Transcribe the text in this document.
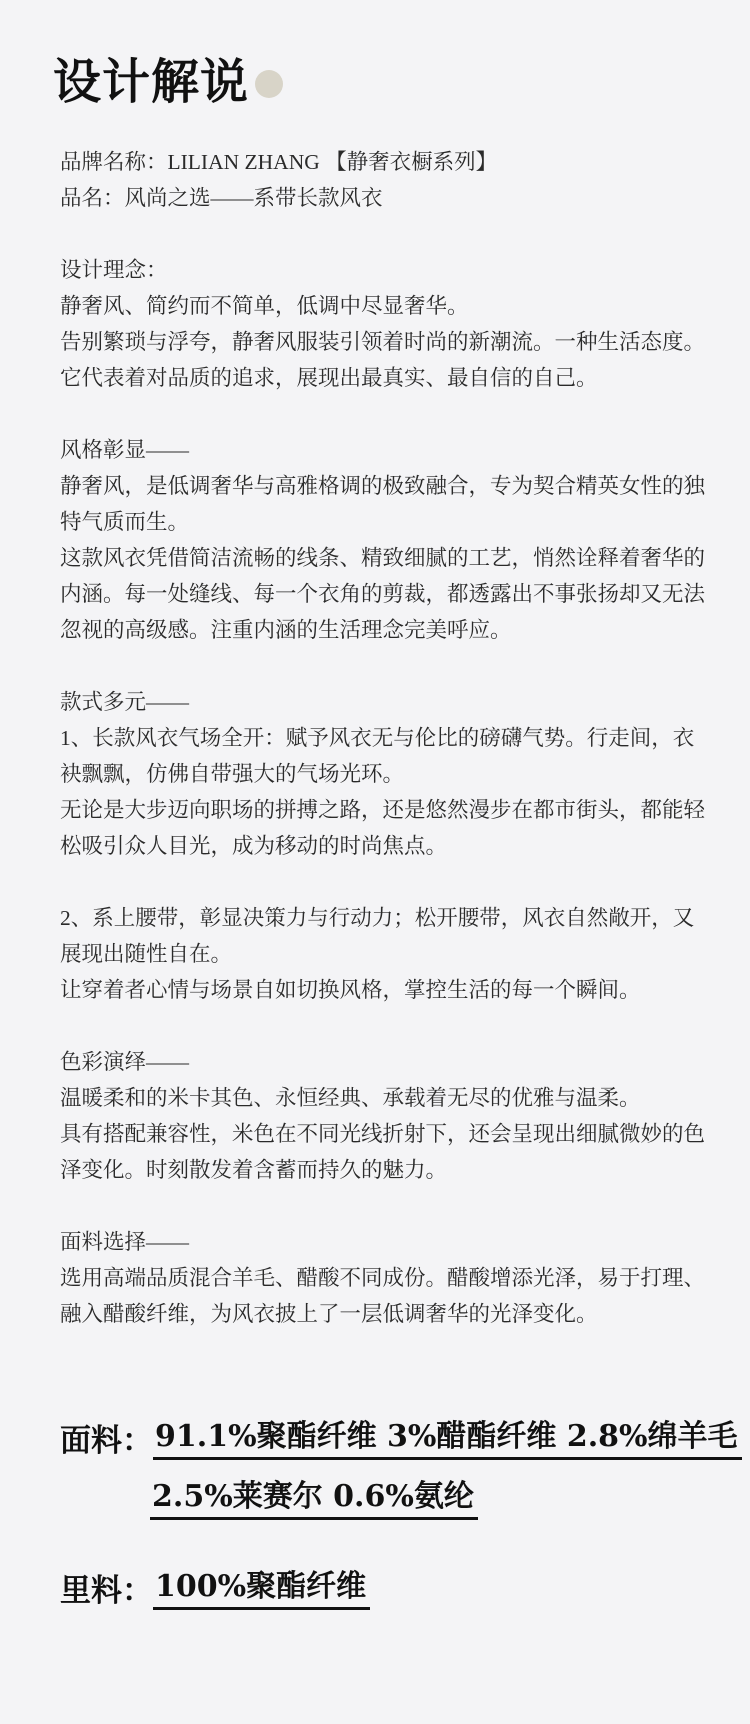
设计解说

品牌名称：LILIAN ZHANG 【静奢衣橱系列】

品名：风尚之选——系带长款风衣

设计理念：

静奢风、简约而不简单，低调中尽显奢华。

告别繁琐与浮夸，静奢风服装引领着时尚的新潮流。一种生活态度。

它代表着对品质的追求，展现出最真实、最自信的自己。

风格彰显——

静奢风，是低调奢华与高雅格调的极致融合，专为契合精英女性的独

特气质而生。

这款风衣凭借简洁流畅的线条、精致细腻的工艺，悄然诠释着奢华的

内涵。每一处缝线、每一个衣角的剪裁，都透露出不事张扬却又无法

忽视的高级感。注重内涵的生活理念完美呼应。

款式多元——

1、长款风衣气场全开：赋予风衣无与伦比的磅礴气势。行走间，衣

袂飘飘，仿佛自带强大的气场光环。

无论是大步迈向职场的拼搏之路，还是悠然漫步在都市街头，都能轻

松吸引众人目光，成为移动的时尚焦点。

2、系上腰带，彰显决策力与行动力；松开腰带，风衣自然敞开，又

展现出随性自在。

让穿着者心情与场景自如切换风格，掌控生活的每一个瞬间。

色彩演绎——

温暖柔和的米卡其色、永恒经典、承载着无尽的优雅与温柔。

具有搭配兼容性，米色在不同光线折射下，还会呈现出细腻微妙的色

泽变化。时刻散发着含蓄而持久的魅力。

面料选择——

选用高端品质混合羊毛、醋酸不同成份。醋酸增添光泽，易于打理、

融入醋酸纤维，为风衣披上了一层低调奢华的光泽变化。

面料： 91.1%聚酯纤维 3%醋酯纤维 2.8%绵羊毛
2.5%莱赛尔 0.6%氨纶
里料： 100%聚酯纤维
